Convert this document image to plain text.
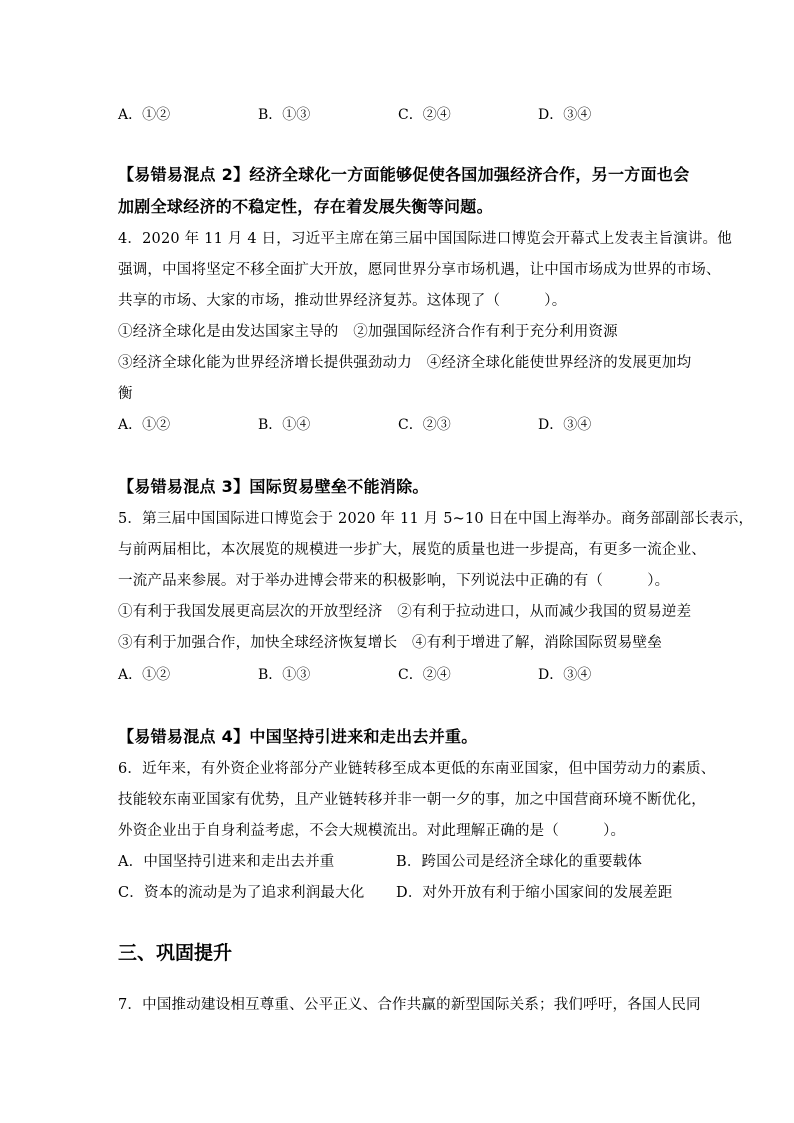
A．①②	B．①③	C．②④	D．③④
【易错易混点 2】经济全球化一方面能够促使各国加强经济合作，另一方面也会
加剧全球经济的不稳定性，存在着发展失衡等问题。
4．2020 年 11 月 4 日，习近平主席在第三届中国国际进口博览会开幕式上发表主旨演讲。他
强调，中国将坚定不移全面扩大开放，愿同世界分享市场机遇，让中国市场成为世界的市场、
共享的市场、大家的市场，推动世界经济复苏。这体现了（　　　）。
①经济全球化是由发达国家主导的　②加强国际经济合作有利于充分利用资源
③经济全球化能为世界经济增长提供强劲动力　④经济全球化能使世界经济的发展更加均
衡
A．①②	B．①④	C．②③	D．③④
【易错易混点 3】国际贸易壁垒不能消除。
5．第三届中国国际进口博览会于 2020 年 11 月 5~10 日在中国上海举办。商务部副部长表示，
与前两届相比，本次展览的规模进一步扩大，展览的质量也进一步提高，有更多一流企业、
一流产品来参展。对于举办进博会带来的积极影响，下列说法中正确的有（　　　）。
①有利于我国发展更高层次的开放型经济　②有利于拉动进口，从而减少我国的贸易逆差
③有利于加强合作，加快全球经济恢复增长　④有利于增进了解，消除国际贸易壁垒
A．①②	B．①③	C．②④	D．③④
【易错易混点 4】中国坚持引进来和走出去并重。
6．近年来，有外资企业将部分产业链转移至成本更低的东南亚国家，但中国劳动力的素质、
技能较东南亚国家有优势，且产业链转移并非一朝一夕的事，加之中国营商环境不断优化，
外资企业出于自身利益考虑，不会大规模流出。对此理解正确的是（　　　）。
A．中国坚持引进来和走出去并重	B．跨国公司是经济全球化的重要载体
C．资本的流动是为了追求利润最大化 D．对外开放有利于缩小国家间的发展差距
三、巩固提升
7．中国推动建设相互尊重、公平正义、合作共赢的新型国际关系；我们呼吁，各国人民同
